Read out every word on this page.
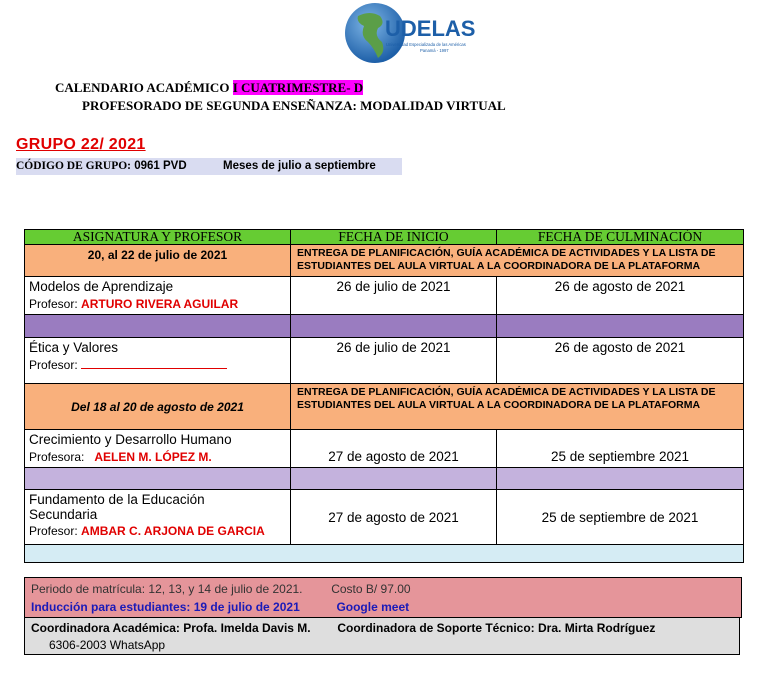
UDELAS
Universidad Especializada de las Américas
Panamá - 1997
CALENDARIO ACADÉMICO I CUATRIMESTRE- D
PROFESORADO DE SEGUNDA ENSEÑANZA: MODALIDAD VIRTUAL
GRUPO 22/ 2021
CÓDIGO DE GRUPO: 0961 PVD	Meses de julio a septiembre
ASIGNATURA Y PROFESOR	FECHA DE INICIO	FECHA DE CULMINACIÓN
20, al 22 de julio de 2021	ENTREGA DE PLANIFICACIÓN, GUÍA ACADÉMICA DE ACTIVIDADES Y LA LISTA DE ESTUDIANTES DEL AULA VIRTUAL A LA COORDINADORA DE LA PLATAFORMA	

Modelos de Aprendizaje
Profesor: ARTURO RIVERA AGUILAR	26 de julio de 2021	26 de agosto de 2021

Ética y Valores
Profesor:	26 de julio de 2021	26 de agosto de 2021
Del 18 al 20 de agosto de 2021	ENTREGA DE PLANIFICACIÓN, GUÍA ACADÉMICA DE ACTIVIDADES Y LA LISTA DE ESTUDIANTES DEL AULA VIRTUAL A LA COORDINADORA DE LA PLATAFORMA	

Crecimiento y Desarrollo Humano
Profesora: AELEN M. LÓPEZ M.	27 de agosto de 2021	25 de septiembre 2021

Fundamento de la Educación
Secundaria
Profesor: AMBAR C. ARJONA DE GARCIA	27 de agosto de 2021	25 de septiembre de 2021

Periodo de matrícula: 12, 13, y 14 de julio de 2021. Costo B/ 97.00
Inducción para estudiantes: 19 de julio de 2021	Google meet
Coordinadora Académica: Profa. Imelda Davis M. Coordinadora de Soporte Técnico: Dra. Mirta Rodríguez
6306-2003 WhatsApp
